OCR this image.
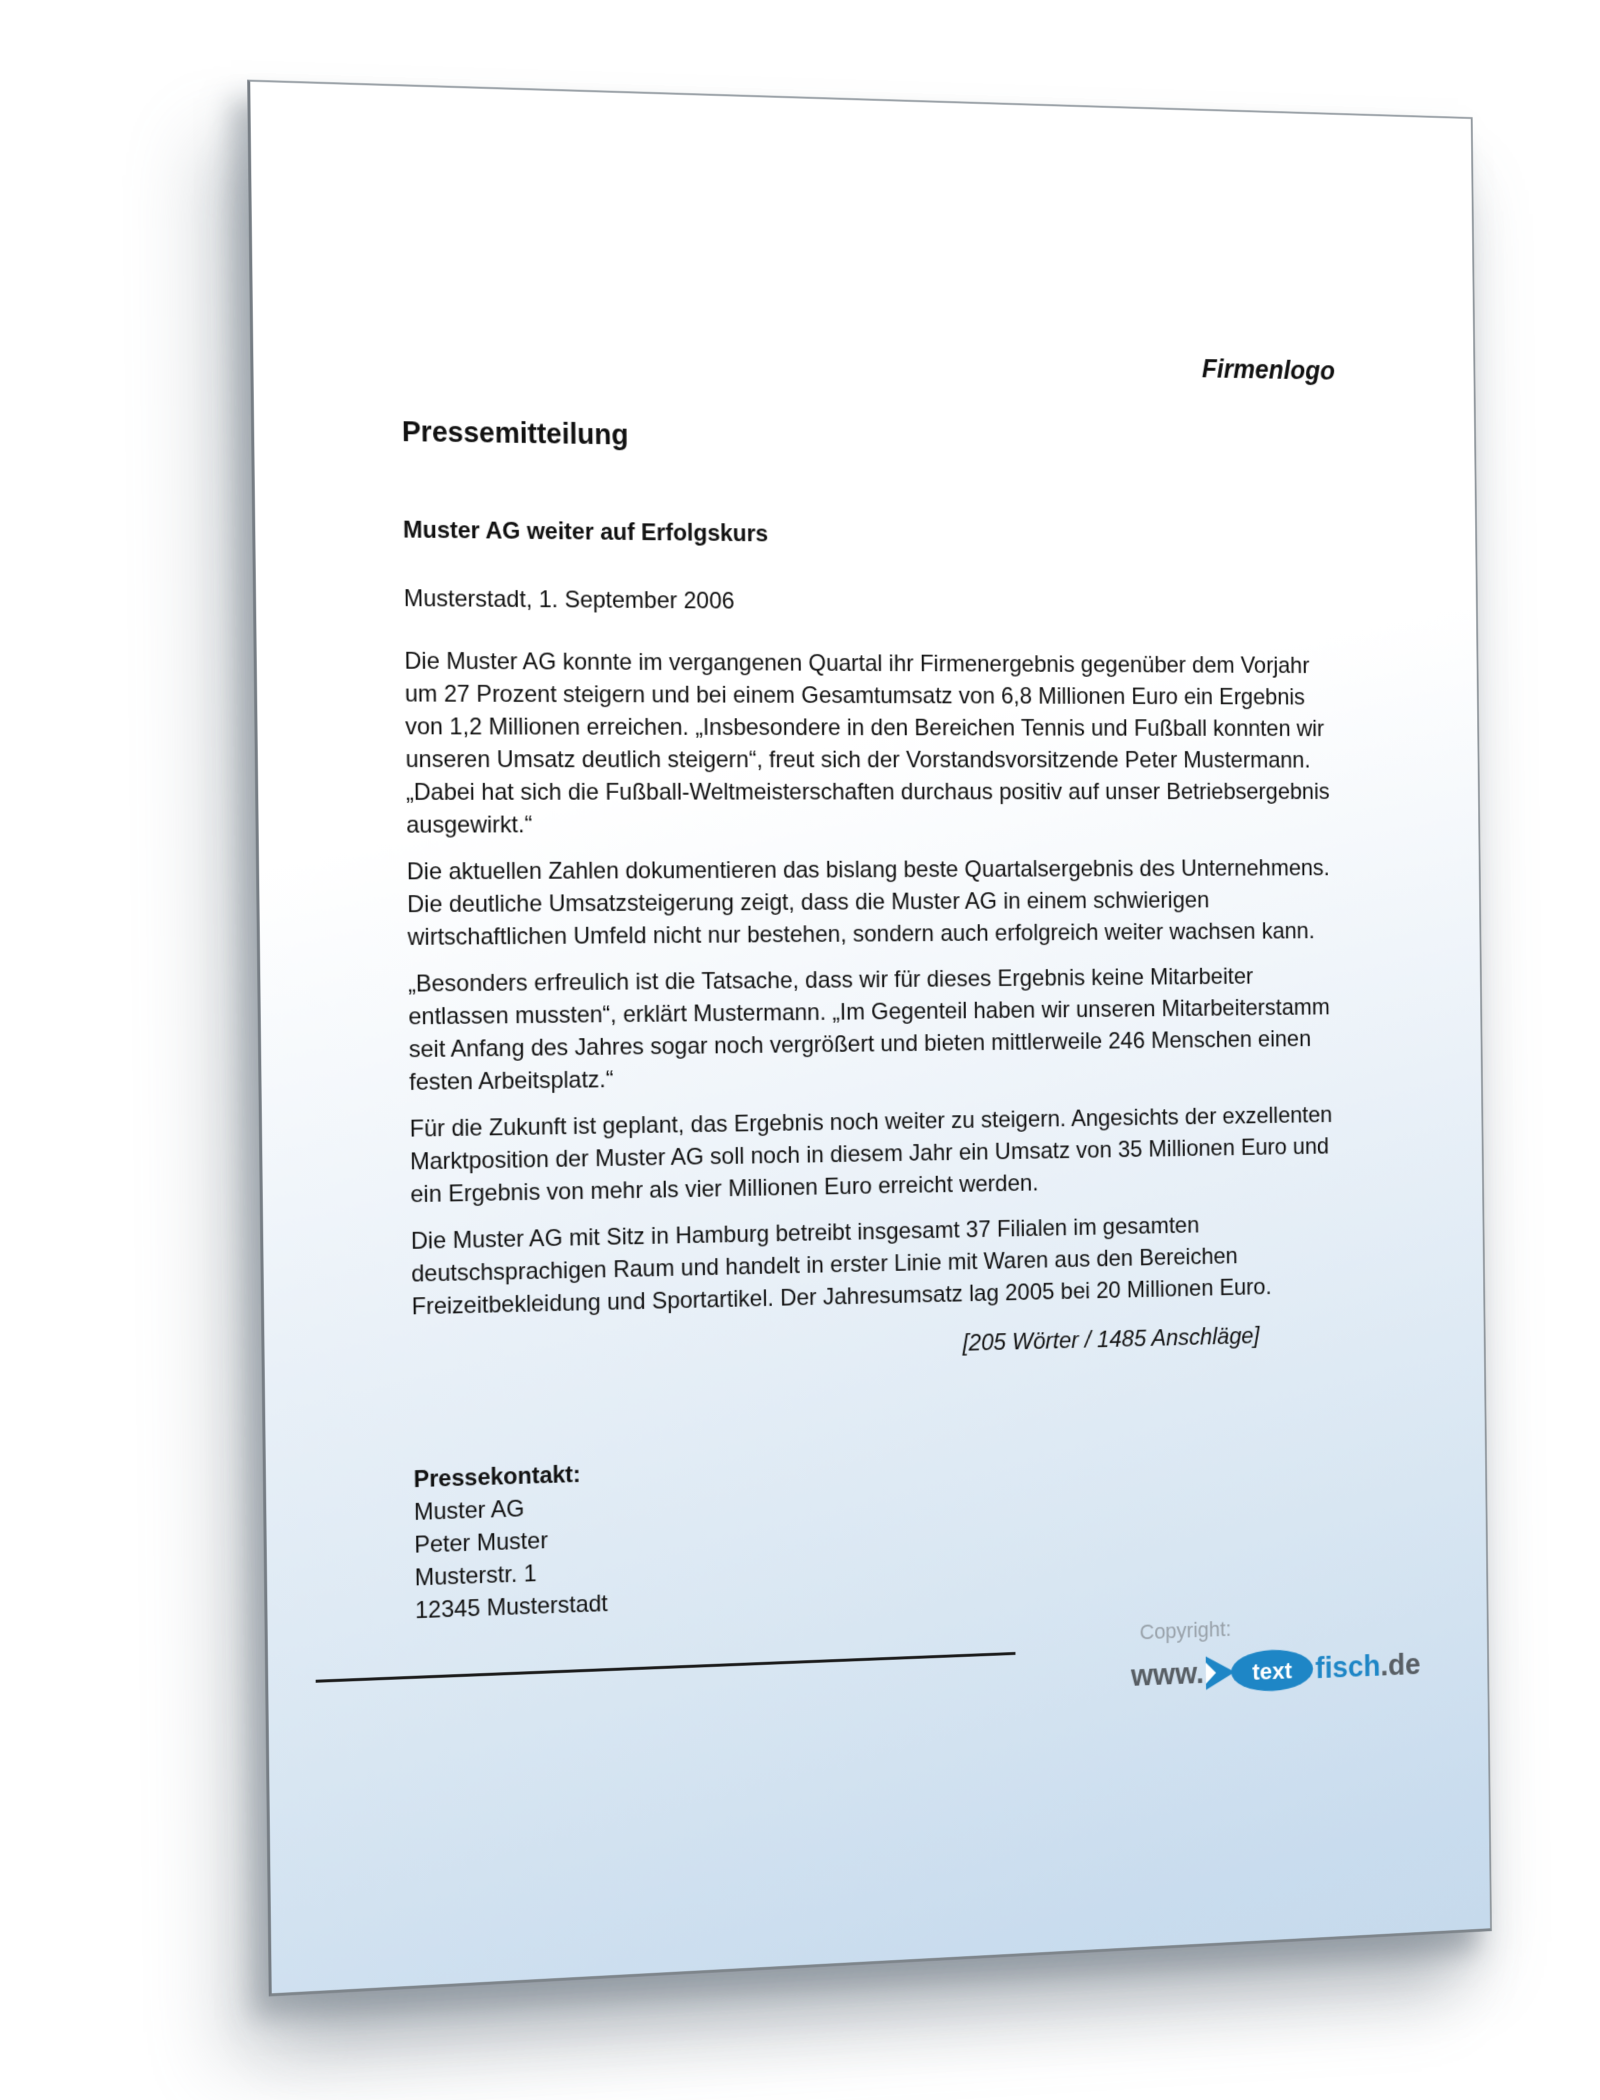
Firmenlogo
Pressemitteilung
Muster AG weiter auf Erfolgskurs
Musterstadt, 1. September 2006

Die Muster AG konnte im vergangenen Quartal ihr Firmenergebnis gegenüber dem Vorjahr um 27 Prozent steigern und bei einem Gesamtumsatz von 6,8 Millionen Euro ein Ergebnis von 1,2 Millionen erreichen. „Insbesondere in den Bereichen Tennis und Fußball konnten wir unseren Umsatz deutlich steigern“, freut sich der Vorstandsvorsitzende Peter Mustermann. „Dabei hat sich die Fußball-Weltmeisterschaften durchaus positiv auf unser Betriebsergebnis ausgewirkt.“

Die aktuellen Zahlen dokumentieren das bislang beste Quartalsergebnis des Unternehmens. Die deutliche Umsatzsteigerung zeigt, dass die Muster AG in einem schwierigen wirtschaftlichen Umfeld nicht nur bestehen, sondern auch erfolgreich weiter wachsen kann.

„Besonders erfreulich ist die Tatsache, dass wir für dieses Ergebnis keine Mitarbeiter entlassen mussten“, erklärt Mustermann. „Im Gegenteil haben wir unseren Mitarbeiterstamm seit Anfang des Jahres sogar noch vergrößert und bieten mittlerweile 246 Menschen einen festen Arbeitsplatz.“

Für die Zukunft ist geplant, das Ergebnis noch weiter zu steigern. Angesichts der exzellenten Marktposition der Muster AG soll noch in diesem Jahr ein Umsatz von 35 Millionen Euro und ein Ergebnis von mehr als vier Millionen Euro erreicht werden.

Die Muster AG mit Sitz in Hamburg betreibt insgesamt 37 Filialen im gesamten deutschsprachigen Raum und handelt in erster Linie mit Waren aus den Bereichen Freizeitbekleidung und Sportartikel. Der Jahresumsatz lag 2005 bei 20 Millionen Euro.

[205 Wörter / 1485 Anschläge]

Pressekontakt:
Muster AG
Peter Muster
Musterstr. 1
12345 Musterstadt
Copyright:
www. text fisch .de
